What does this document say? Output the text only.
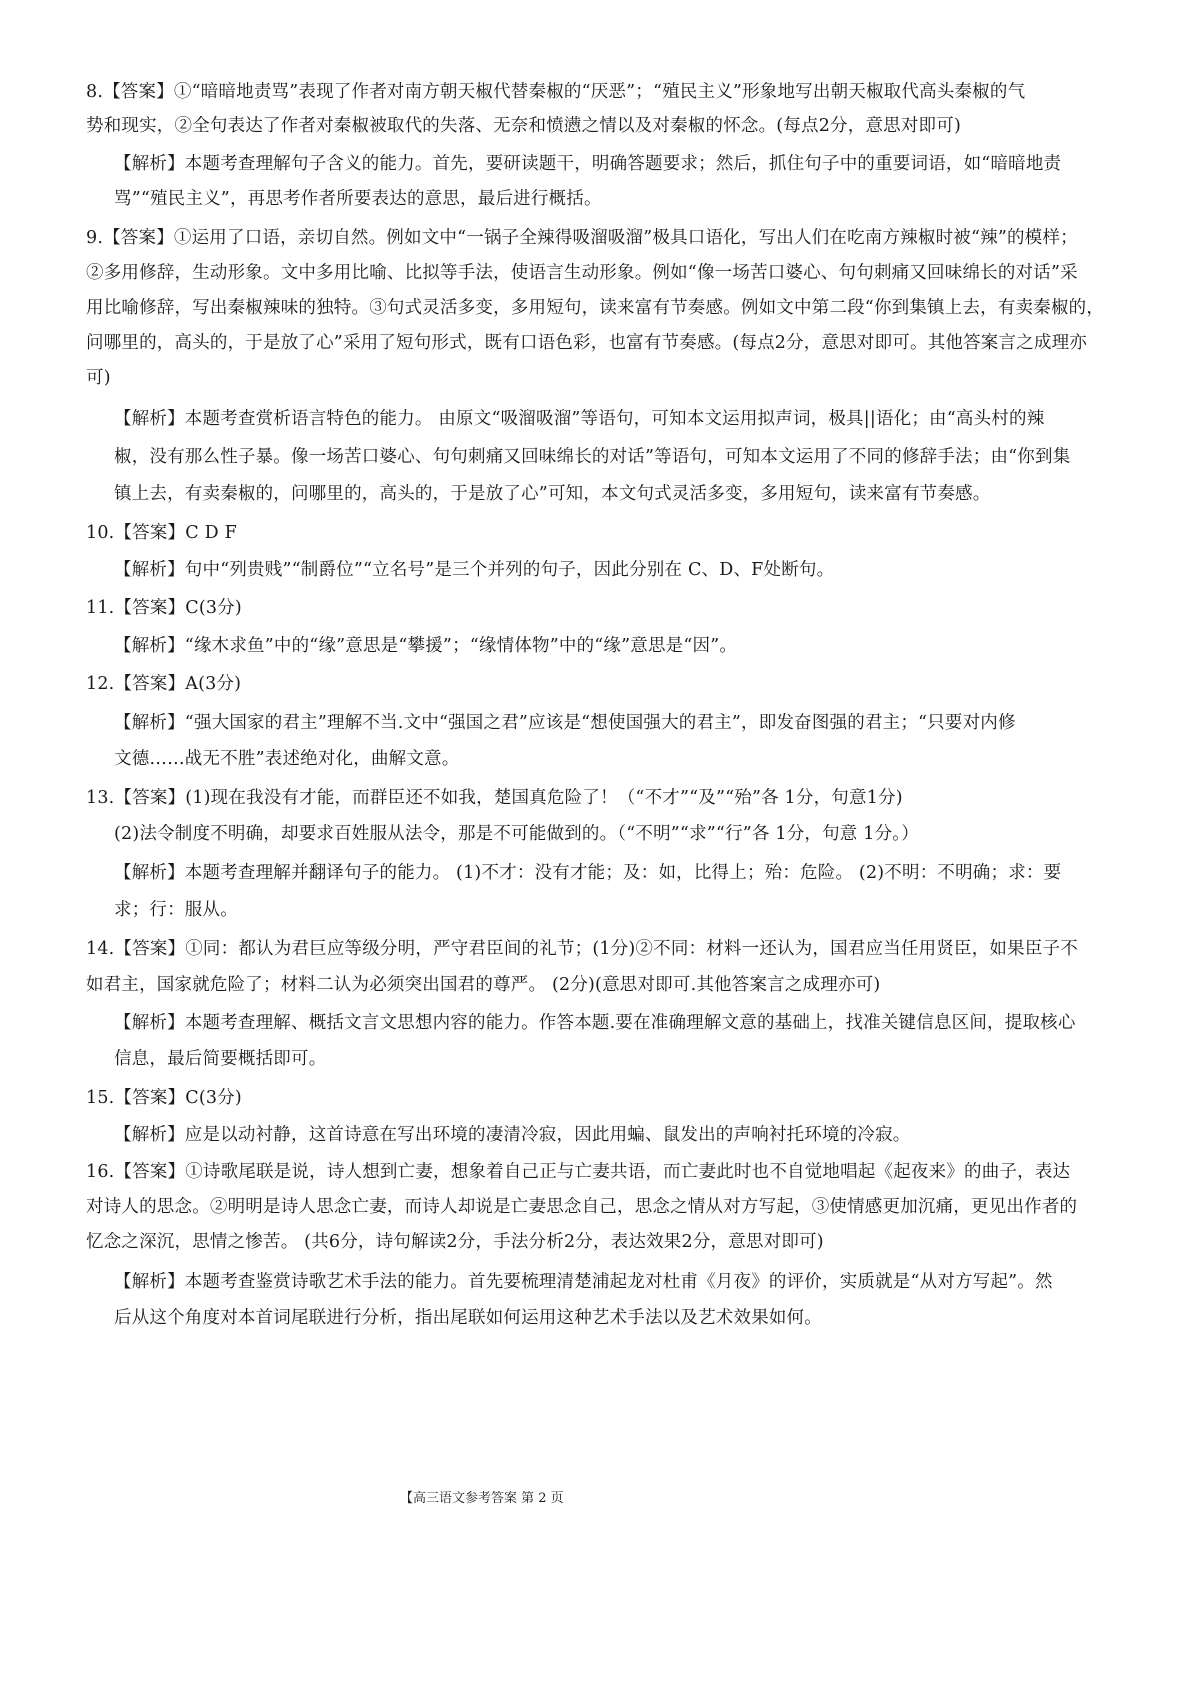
8.【答案】①“暗暗地责骂”表现了作者对南方朝天椒代替秦椒的“厌恶”；“殖民主义”形象地写出朝天椒取代高头秦椒的气
势和现实，②全句表达了作者对秦椒被取代的失落、无奈和愤懑之情以及对秦椒的怀念。(每点2分，意思对即可)
【解析】本题考查理解句子含义的能力。首先，要研读题干，明确答题要求；然后，抓住句子中的重要词语，如“暗暗地责
骂”“殖民主义”，再思考作者所要表达的意思，最后进行概括。
9.【答案】①运用了口语，亲切自然。例如文中“一锅子全辣得吸溜吸溜”极具口语化，写出人们在吃南方辣椒时被“辣”的模样；
②多用修辞，生动形象。文中多用比喻、比拟等手法，使语言生动形象。例如“像一场苦口婆心、句句刺痛又回味绵长的对话”采
用比喻修辞，写出秦椒辣味的独特。③句式灵活多变，多用短句，读来富有节奏感。例如文中第二段“你到集镇上去，有卖秦椒的，
问哪里的，高头的，于是放了心”采用了短句形式，既有口语色彩，也富有节奏感。(每点2分，意思对即可。其他答案言之成理亦
可)
【解析】本题考查赏析语言特色的能力。 由原文“吸溜吸溜”等语句，可知本文运用拟声词，极具||语化；由“高头村的辣
椒，没有那么性子暴。像一场苦口婆心、句句刺痛又回味绵长的对话”等语句，可知本文运用了不同的修辞手法；由“你到集
镇上去，有卖秦椒的，问哪里的，高头的，于是放了心”可知，本文句式灵活多变，多用短句，读来富有节奏感。
10.【答案】C D F
【解析】句中“列贵贱”“制爵位”“立名号”是三个并列的句子，因此分别在 C、D、F处断句。
11.【答案】C(3分)
【解析】“缘木求鱼”中的“缘”意思是“攀援”；“缘情体物”中的“缘”意思是“因”。
12.【答案】A(3分)
【解析】“强大国家的君主”理解不当.文中“强国之君”应该是“想使国强大的君主”，即发奋图强的君主；“只要对内修
文德……战无不胜”表述绝对化，曲解文意。
13.【答案】(1)现在我没有才能，而群臣还不如我，楚国真危险了！（“不才”“及”“殆”各 1分，句意1分)
(2)法令制度不明确，却要求百姓服从法令，那是不可能做到的。（“不明”“求”“行”各 1分，句意 1分。）
【解析】本题考查理解并翻译句子的能力。 (1)不才：没有才能；及：如，比得上；殆：危险。 (2)不明：不明确；求：要
求；行：服从。
14.【答案】①同：都认为君巨应等级分明，严守君臣间的礼节；(1分)②不同：材料一还认为，国君应当任用贤臣，如果臣子不
如君主，国家就危险了；材料二认为必须突出国君的尊严。 (2分)(意思对即可.其他答案言之成理亦可)
【解析】本题考查理解、概括文言文思想内容的能力。作答本题.要在准确理解文意的基础上，找准关键信息区间，提取核心
信息，最后简要概括即可。
15.【答案】C(3分)
【解析】应是以动衬静，这首诗意在写出环境的凄清冷寂，因此用蝙、鼠发出的声响衬托环境的冷寂。
16.【答案】①诗歌尾联是说，诗人想到亡妻，想象着自己正与亡妻共语，而亡妻此时也不自觉地唱起《起夜来》的曲子，表达
对诗人的思念。②明明是诗人思念亡妻，而诗人却说是亡妻思念自己，思念之情从对方写起，③使情感更加沉痛，更见出作者的
忆念之深沉，思情之惨苦。 (共6分，诗句解读2分，手法分析2分，表达效果2分，意思对即可)
【解析】本题考查鉴赏诗歌艺术手法的能力。首先要梳理清楚浦起龙对杜甫《月夜》的评价，实质就是“从对方写起”。然
后从这个角度对本首词尾联进行分析，指出尾联如何运用这种艺术手法以及艺术效果如何。
【高三语文参考答案 第 2 页
